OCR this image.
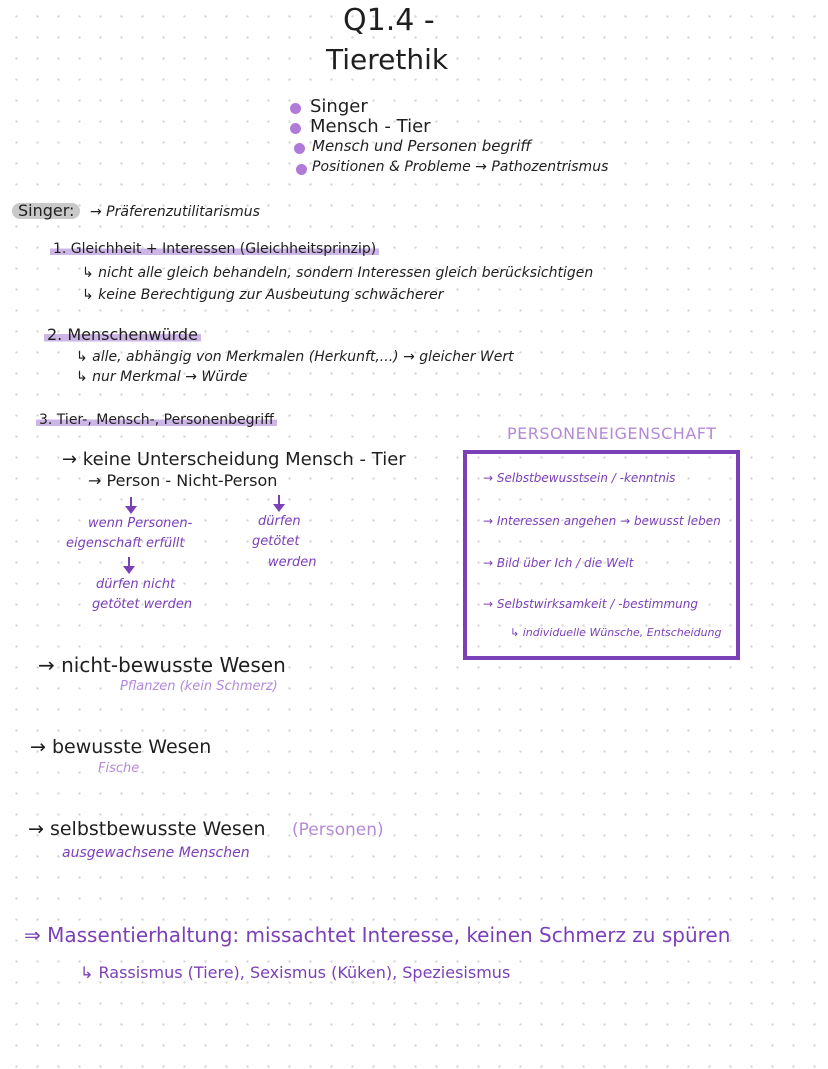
Q1.4 -
Tierethik
Singer
Mensch - Tier
Mensch und Personen begriff
Positionen & Probleme → Pathozentrismus
Singer:	→ Präferenzutilitarismus
1. Gleichheit + Interessen (Gleichheitsprinzip)
↳ nicht alle gleich behandeln, sondern Interessen gleich berücksichtigen
↳ keine Berechtigung zur Ausbeutung schwächerer
2. Menschenwürde
↳ alle, abhängig von Merkmalen (Herkunft,...) → gleicher Wert
↳ nur Merkmal → Würde
3. Tier-, Mensch-, Personenbegriff
→ keine Unterscheidung Mensch - Tier
→ Person - Nicht-Person
wenn Personen-
eigenschaft erfüllt
dürfen nicht
getötet werden
dürfen
getötet
werden
PERSONENEIGENSCHAFT
→ Selbstbewusstsein / -kenntnis
→ Interessen angehen → bewusst leben
→ Bild über Ich / die Welt
→ Selbstwirksamkeit / -bestimmung
↳ individuelle Wünsche, Entscheidung
→ nicht-bewusste Wesen
Pflanzen (kein Schmerz)
→ bewusste Wesen
Fische
→ selbstbewusste Wesen (Personen)
ausgewachsene Menschen
⇒ Massentierhaltung: missachtet Interesse, keinen Schmerz zu spüren
↳ Rassismus (Tiere), Sexismus (Küken), Speziesismus
